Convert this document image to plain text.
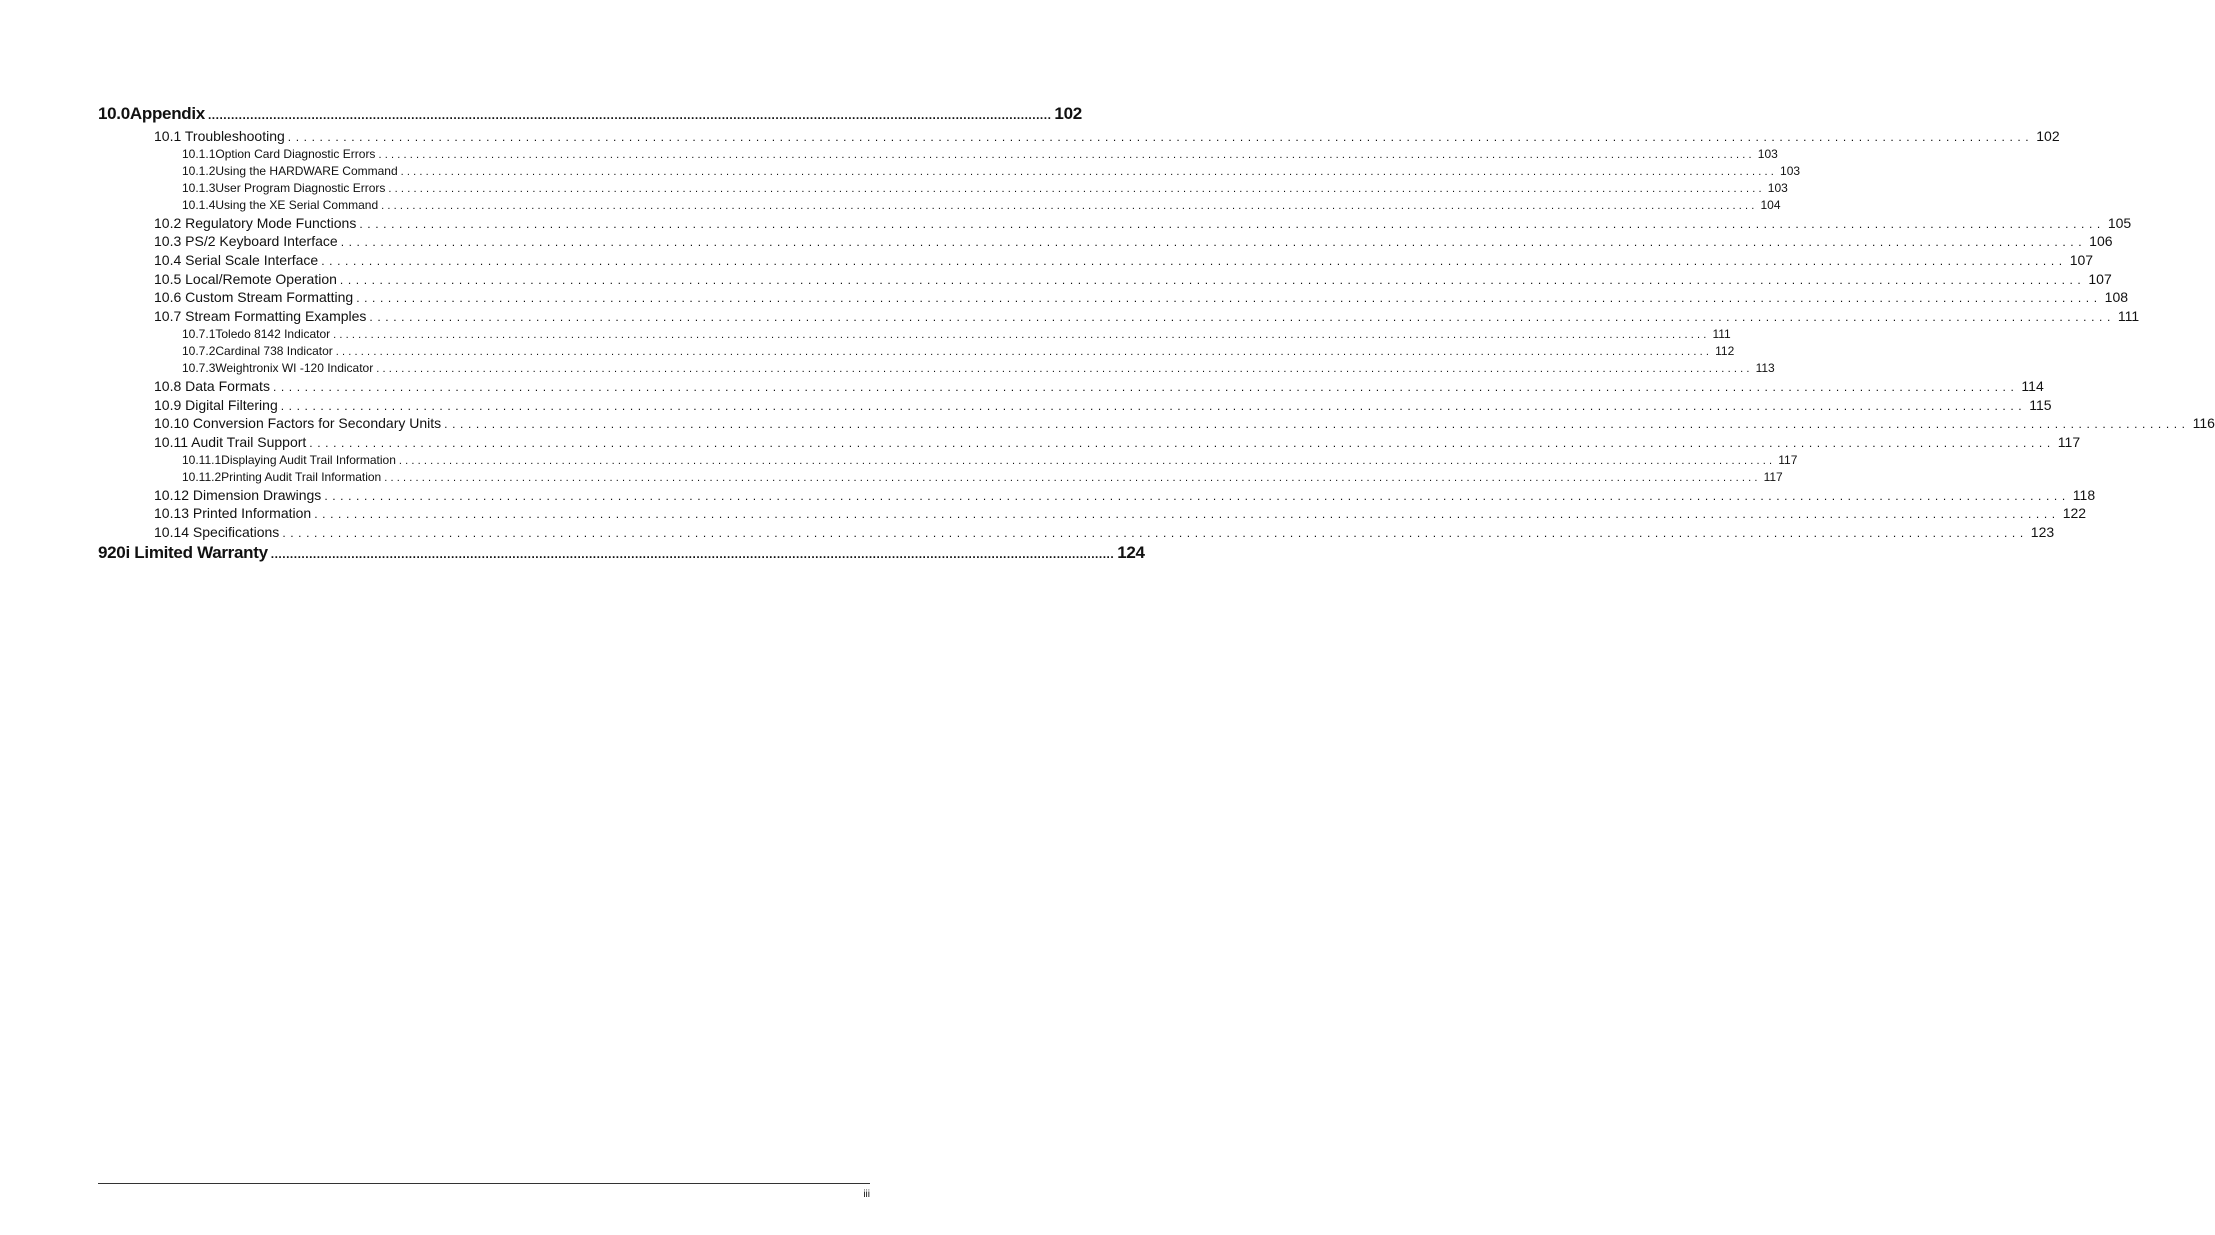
10.0 Appendix ............................................................................................................................................................................................................................ 102
10.1 Troubleshooting ............................................................................................................................................................................................................................ 102
10.1.1 Option Card Diagnostic Errors ............................................................................................................................................................................................................................ 103
10.1.2 Using the HARDWARE Command ............................................................................................................................................................................................................................ 103
10.1.3 User Program Diagnostic Errors ............................................................................................................................................................................................................................ 103
10.1.4 Using the XE Serial Command ............................................................................................................................................................................................................................ 104
10.2 Regulatory Mode Functions ............................................................................................................................................................................................................................ 105
10.3 PS/2 Keyboard Interface ............................................................................................................................................................................................................................ 106
10.4 Serial Scale Interface ............................................................................................................................................................................................................................ 107
10.5 Local/Remote Operation ............................................................................................................................................................................................................................ 107
10.6 Custom Stream Formatting ............................................................................................................................................................................................................................ 108
10.7 Stream Formatting Examples ............................................................................................................................................................................................................................ 111
10.7.1 Toledo 8142 Indicator ............................................................................................................................................................................................................................ 111
10.7.2 Cardinal 738 Indicator ............................................................................................................................................................................................................................ 112
10.7.3 Weightronix WI -120 Indicator ............................................................................................................................................................................................................................ 113
10.8 Data Formats ............................................................................................................................................................................................................................ 114
10.9 Digital Filtering ............................................................................................................................................................................................................................ 115
10.10 Conversion Factors for Secondary Units ............................................................................................................................................................................................................................ 116
10.11 Audit Trail Support ............................................................................................................................................................................................................................ 117
10.11.1 Displaying Audit Trail Information ............................................................................................................................................................................................................................ 117
10.11.2 Printing Audit Trail Information ............................................................................................................................................................................................................................ 117
10.12 Dimension Drawings ............................................................................................................................................................................................................................ 118
10.13 Printed Information ............................................................................................................................................................................................................................ 122
10.14 Specifications ............................................................................................................................................................................................................................ 123
920i Limited Warranty ............................................................................................................................................................................................................................ 124
iii
